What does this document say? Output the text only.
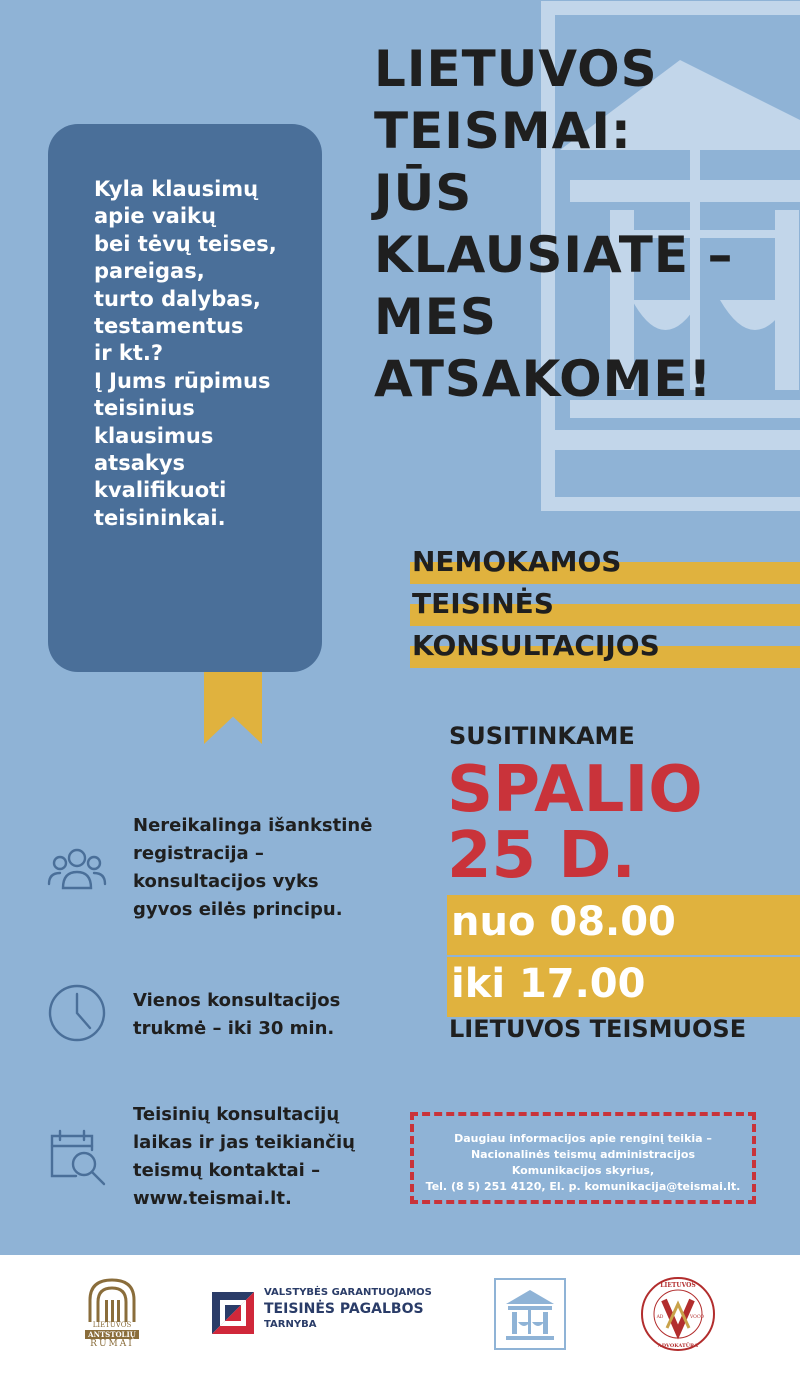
LIETUVOS
TEISMAI:
JŪS
KLAUSIATE –
MES
ATSAKOME!
Kyla klausimų
apie vaikų
bei tėvų teises,
pareigas,
turto dalybas,
testamentus
ir kt.?
Į Jums rūpimus
teisinius
klausimus
atsakys
kvalifikuoti
teisininkai.
NEMOKAMOS
TEISINĖS
KONSULTACIJOS
SUSITINKAME
SPALIO
25 D.
nuo 08.00
iki 17.00
LIETUVOS TEISMUOSE
Nereikalinga išankstinė
registracija –
konsultacijos vyks
gyvos eilės principu.
Vienos konsultacijos
trukmė – iki 30 min.
Teisinių konsultacijų
laikas ir jas teikiančių
teismų kontaktai –
www.teismai.lt.
Daugiau informacijos apie renginį teikia –
Nacionalinės teismų administracijos
Komunikacijos skyrius,
Tel. (8 5) 251 4120, El. p. komunikacija@teismai.lt.
LIETUVOS
ANTSTOLIŲ
RŪMAI
VALSTYBĖS GARANTUOJAMOS
TEISINĖS PAGALBOS
TARNYBA
LIETUVOS
ADVOKATŪRA
AD	VOCO
